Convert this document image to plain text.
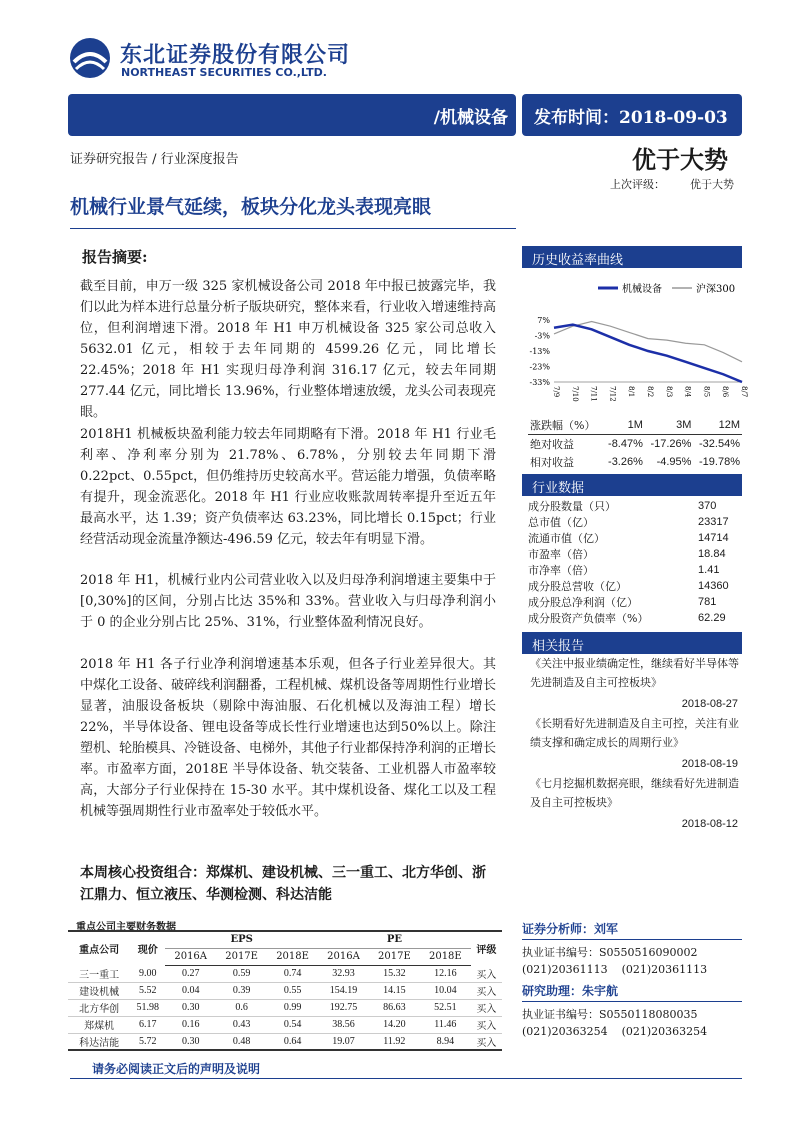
东北证券股份有限公司
NORTHEAST SECURITIES CO.,LTD.
/机械设备 发布时间：2018-09-03
证券研究报告 / 行业深度报告	优于大势
上次评级： 优于大势
机械行业景气延续，板块分化龙头表现亮眼
报告摘要:
截至目前，申万一级 325 家机械设备公司 2018 年中报已披露完毕，我们以此为样本进行总量分析子版块研究，整体来看，行业收入增速维持高位，但利润增速下滑。2018 年 H1 申万机械设备 325 家公司总收入 5632.01 亿元，相较于去年同期的 4599.26 亿元，同比增长22.45%；2018 年 H1 实现归母净利润 316.17 亿元，较去年同期 277.44 亿元，同比增长 13.96%，行业整体增速放缓，龙头公司表现亮眼。
2018H1 机械板块盈利能力较去年同期略有下滑。2018 年 H1 行业毛利率、净利率分别为 21.78%、6.78%，分别较去年同期下滑 0.22pct、0.55pct，但仍维持历史较高水平。营运能力增强，负债率略有提升，现金流恶化。2018 年 H1 行业应收账款周转率提升至近五年最高水平，达 1.39；资产负债率达 63.23%，同比增长 0.15pct；行业经营活动现金流量净额达-496.59 亿元，较去年有明显下滑。
2018 年 H1，机械行业内公司营业收入以及归母净利润增速主要集中于[0,30%]的区间，分别占比达 35%和 33%。营业收入与归母净利润小于 0 的企业分别占比 25%、31%，行业整体盈利情况良好。
2018 年 H1 各子行业净利润增速基本乐观，但各子行业差异很大。其中煤化工设备、破碎线利润翻番，工程机械、煤机设备等周期性行业增长显著，油服设备板块（剔除中海油服、石化机械以及海油工程）增长 22%，半导体设备、锂电设备等成长性行业增速也达到50%以上。除注塑机、轮胎模具、冷链设备、电梯外，其他子行业都保持净利润的正增长率。市盈率方面，2018E 半导体设备、轨交装备、工业机器人市盈率较高，大部分子行业保持在 15-30 水平。其中煤机设备、煤化工以及工程机械等强周期性行业市盈率处于较低水平。
本周核心投资组合：郑煤机、建设机械、三一重工、北方华创、浙江鼎力、恒立液压、华测检测、科达洁能
历史收益率曲线
机械设备	沪深300
7%
-3%
-13%
-23%
-33%
7/9 7/10 7/11 7/12 8/1 8/2 8/3 8/4 8/5 8/6 8/7
涨跌幅（%）	1M	3M	12M
绝对收益	-8.47%	-17.26%	-32.54%
相对收益	-3.26%	-4.95%	-19.78%
行业数据
成分股数量（只）	370
总市值（亿）	23317
流通市值（亿）	14714
市盈率（倍）	18.84
市净率（倍）	1.41
成分股总营收（亿）	14360
成分股总净利润（亿）	781
成分股资产负债率（%）	62.29
相关报告
《关注中报业绩确定性，继续看好半导体等先进制造及自主可控板块》
2018-08-27
《长期看好先进制造及自主可控，关注有业绩支撑和确定成长的周期行业》
2018-08-19
《七月挖掘机数据亮眼，继续看好先进制造及自主可控板块》
2018-08-12
证券分析师：刘军
执业证书编号：S0550516090002
(021)20361113 (021)20361113
研究助理：朱宇航
执业证书编号：S0550118080035
(021)20363254 (021)20363254
重点公司主要财务数据
重点公司	现价	EPS			PE			评级
		2016A	2017E	2018E	2016A	2017E	2018E	
三一重工	9.00	0.27	0.59	0.74	32.93	15.32	12.16	买入
建设机械	5.52	0.04	0.39	0.55	154.19	14.15	10.04	买入
北方华创	51.98	0.30	0.6	0.99	192.75	86.63	52.51	买入
郑煤机	6.17	0.16	0.43	0.54	38.56	14.20	11.46	买入
科达洁能	5.72	0.30	0.48	0.64	19.07	11.92	8.94	买入
请务必阅读正文后的声明及说明
